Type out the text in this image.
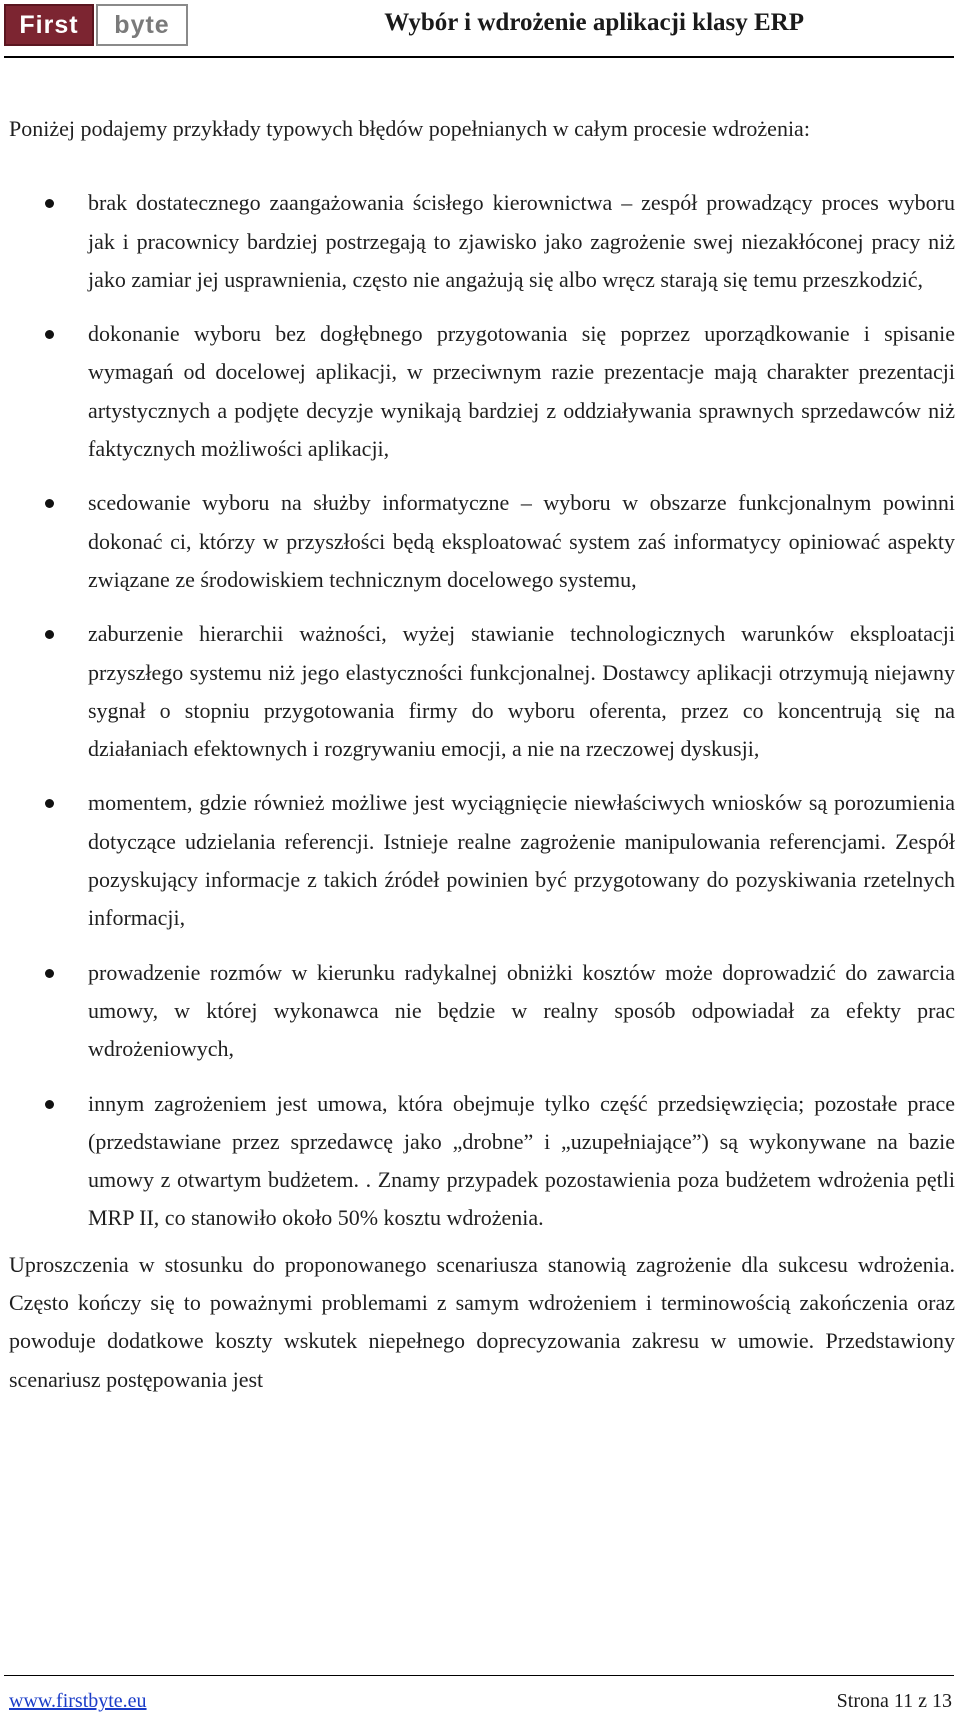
First	byte	Wybór i wdrożenie aplikacji klasy ERP

Poniżej podajemy przykłady typowych błędów popełnianych w całym procesie wdrożenia:

brak dostatecznego zaangażowania ścisłego kierownictwa – zespół prowadzący proces wyboru jak i pracownicy bardziej postrzegają to zjawisko jako zagrożenie swej niezakłóconej pracy niż jako zamiar jej usprawnienia, często nie angażują się albo wręcz starają się temu przeszkodzić,
dokonanie wyboru bez dogłębnego przygotowania się poprzez uporządkowanie i spisanie wymagań od docelowej aplikacji, w przeciwnym razie prezentacje mają charakter prezentacji artystycznych a podjęte decyzje wynikają bardziej z oddziaływania sprawnych sprzedawców niż faktycznych możliwości aplikacji,
scedowanie wyboru na służby informatyczne – wyboru w obszarze funkcjonalnym powinni dokonać ci, którzy w przyszłości będą eksploatować system zaś informatycy opiniować aspekty związane ze środowiskiem technicznym docelowego systemu,
zaburzenie hierarchii ważności, wyżej stawianie technologicznych warunków eksploatacji przyszłego systemu niż jego elastyczności funkcjonalnej. Dostawcy aplikacji otrzymują niejawny sygnał o stopniu przygotowania firmy do wyboru oferenta, przez co koncentrują się na działaniach efektownych i rozgrywaniu emocji, a nie na rzeczowej dyskusji,
momentem, gdzie również możliwe jest wyciągnięcie niewłaściwych wniosków są porozumienia dotyczące udzielania referencji. Istnieje realne zagrożenie manipulowania referencjami. Zespół pozyskujący informacje z takich źródeł powinien być przygotowany do pozyskiwania rzetelnych informacji,
prowadzenie rozmów w kierunku radykalnej obniżki kosztów może doprowadzić do zawarcia umowy, w której wykonawca nie będzie w realny sposób odpowiadał za efekty prac wdrożeniowych,
innym zagrożeniem jest umowa, która obejmuje tylko część przedsięwzięcia; pozostałe prace (przedstawiane przez sprzedawcę jako „drobne” i „uzupełniające”) są wykonywane na bazie umowy z otwartym budżetem. . Znamy przypadek pozostawienia poza budżetem wdrożenia pętli MRP II, co stanowiło około 50% kosztu wdrożenia.

Uproszczenia w stosunku do proponowanego scenariusza stanowią zagrożenie dla sukcesu wdrożenia. Często kończy się to poważnymi problemami z samym wdrożeniem i terminowością zakończenia oraz powoduje dodatkowe koszty wskutek niepełnego doprecyzowania zakresu w umowie. Przedstawiony scenariusz postępowania jest

www.firstbyte.eu	Strona 11 z 13
